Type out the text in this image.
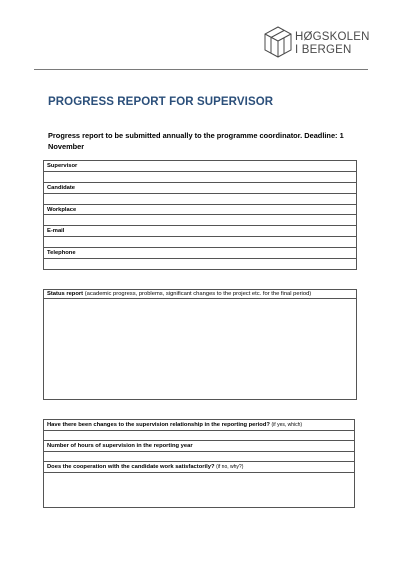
HØGSKOLEN
I BERGEN
PROGRESS REPORT FOR SUPERVISOR
Progress report to be submitted annually to the programme coordinator. Deadline: 1 November
Supervisor

Candidate

Workplace

E-mail

Telephone

Status report (academic progress, problems, significant changes to the project etc. for the final period)

Have there been changes to the supervision relationship in the reporting period? (if yes, which)

Number of hours of supervision in the reporting year

Does the cooperation with the candidate work satisfactorily? (if no, why?)
